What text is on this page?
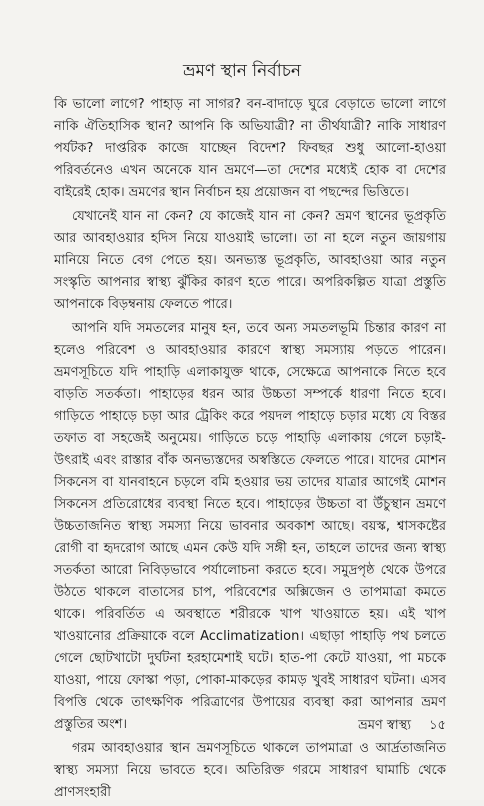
ভ্রমণ স্থান নির্বাচন

কি ভালো লাগে? পাহাড় না সাগর? বন-বাদাড়ে ঘুরে বেড়াতে ভালো লাগে নাকি ঐতিহাসিক স্থান? আপনি কি অভিযাত্রী? না তীর্থযাত্রী? নাকি সাধারণ পর্যটক? দাপ্তরিক কাজে যাচ্ছেন বিদেশ? ফিবছর শুধু আলো-হাওয়া পরিবর্তনেও এখন অনেকে যান ভ্রমণে—তা দেশের মধ্যেই হোক বা দেশের বাইরেই হোক। ভ্রমণের স্থান নির্বাচন হয় প্রয়োজন বা পছন্দের ভিত্তিতে।

যেখানেই যান না কেন? যে কাজেই যান না কেন? ভ্রমণ স্থানের ভূপ্রকৃতি আর আবহাওয়ার হদিস নিয়ে যাওয়াই ভালো। তা না হলে নতুন জায়গায় মানিয়ে নিতে বেগ পেতে হয়। অনভ্যস্ত ভূপ্রকৃতি, আবহাওয়া আর নতুন সংস্কৃতি আপনার স্বাস্থ্য ঝুঁকির কারণ হতে পারে। অপরিকল্পিত যাত্রা প্রস্তুতি আপনাকে বিড়ম্বনায় ফেলতে পারে।

আপনি যদি সমতলের মানুষ হন, তবে অন্য সমতলভূমি চিন্তার কারণ না হলেও পরিবেশ ও আবহাওয়ার কারণে স্বাস্থ্য সমস্যায় পড়তে পারেন। ভ্রমণসূচিতে যদি পাহাড়ি এলাকাযুক্ত থাকে, সেক্ষেত্রে আপনাকে নিতে হবে বাড়তি সতর্কতা। পাহাড়ের ধরন আর উচ্চতা সম্পর্কে ধারণা নিতে হবে। গাড়িতে পাহাড়ে চড়া আর ট্রেকিং করে পয়দল পাহাড়ে চড়ার মধ্যে যে বিস্তর তফাত বা সহজেই অনুমেয়। গাড়িতে চড়ে পাহাড়ি এলাকায় গেলে চড়াই-উৎরাই এবং রাস্তার বাঁক অনভ্যস্তদের অস্বস্তিতে ফেলতে পারে। যাদের মোশন সিকনেস বা যানবাহনে চড়লে বমি হওয়ার ভয় তাদের যাত্রার আগেই মোশন সিকনেস প্রতিরোধের ব্যবস্থা নিতে হবে। পাহাড়ের উচ্চতা বা উঁচুস্থান ভ্রমণে উচ্চতাজনিত স্বাস্থ্য সমস্যা নিয়ে ভাবনার অবকাশ আছে। বয়স্ক, শ্বাসকষ্টের রোগী বা হৃদরোগ আছে এমন কেউ যদি সঙ্গী হন, তাহলে তাদের জন্য স্বাস্থ্য সতর্কতা আরো নিবিড়ভাবে পর্যালোচনা করতে হবে। সমুদ্রপৃষ্ঠ থেকে উপরে উঠতে থাকলে বাতাসের চাপ, পরিবেশের অক্সিজেন ও তাপমাত্রা কমতে থাকে। পরিবর্তিত এ অবস্থাতে শরীরকে খাপ খাওয়াতে হয়। এই খাপ খাওয়ানোর প্রক্রিয়াকে বলে Acclimatization। এছাড়া পাহাড়ি পথ চলতে গেলে ছোটখাটো দুর্ঘটনা হরহামেশাই ঘটে। হাত-পা কেটে যাওয়া, পা মচকে যাওয়া, পায়ে ফোস্কা পড়া, পোকা-মাকড়ের কামড় খুবই সাধারণ ঘটনা। এসব বিপত্তি থেকে তাৎক্ষণিক পরিত্রাণের উপায়ের ব্যবস্থা করা আপনার ভ্রমণ প্রস্তুতির অংশ।

গরম আবহাওয়ার স্থান ভ্রমণসূচিতে থাকলে তাপমাত্রা ও আর্দ্রতাজনিত স্বাস্থ্য সমস্যা নিয়ে ভাবতে হবে। অতিরিক্ত গরমে সাধারণ ঘামাচি থেকে প্রাণসংহারী

ভ্রমণ স্বাস্থ্য ১৫
